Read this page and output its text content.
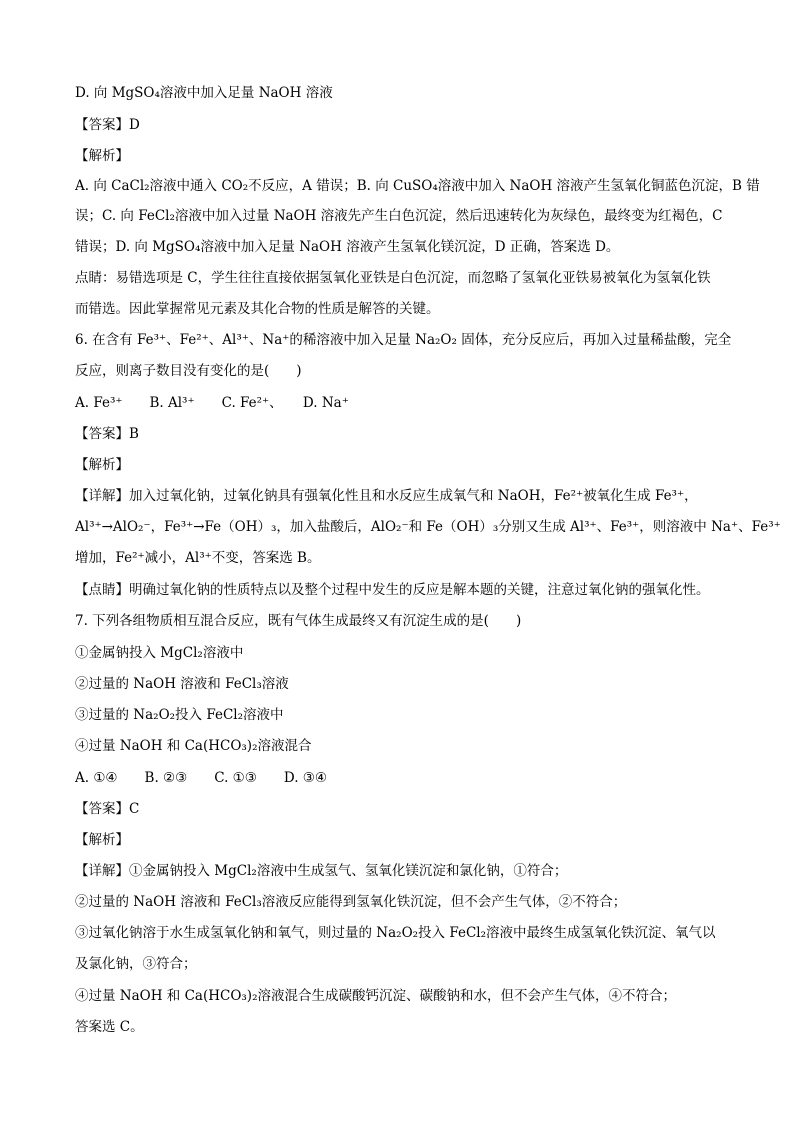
D. 向 MgSO₄溶液中加入足量 NaOH 溶液
【答案】D
【解析】
A. 向 CaCl₂溶液中通入 CO₂不反应，A 错误；B. 向 CuSO₄溶液中加入 NaOH 溶液产生氢氧化铜蓝色沉淀，B 错
误；C. 向 FeCl₂溶液中加入过量 NaOH 溶液先产生白色沉淀，然后迅速转化为灰绿色，最终变为红褐色，C
错误；D. 向 MgSO₄溶液中加入足量 NaOH 溶液产生氢氧化镁沉淀，D 正确，答案选 D。
点睛：易错选项是 C，学生往往直接依据氢氧化亚铁是白色沉淀，而忽略了氢氧化亚铁易被氧化为氢氧化铁
而错选。因此掌握常见元素及其化合物的性质是解答的关键。
6. 在含有 Fe³⁺、Fe²⁺、Al³⁺、Na⁺的稀溶液中加入足量 Na₂O₂ 固体，充分反应后，再加入过量稀盐酸，完全
反应，则离子数目没有变化的是(　　)
A. Fe³⁺　　B. Al³⁺　　C. Fe²⁺、　　D. Na⁺
【答案】B
【解析】
【详解】加入过氧化钠，过氧化钠具有强氧化性且和水反应生成氧气和 NaOH，Fe²⁺被氧化生成 Fe³⁺，
Al³⁺→AlO₂⁻，Fe³⁺→Fe（OH）₃，加入盐酸后，AlO₂⁻和 Fe（OH）₃分别又生成 Al³⁺、Fe³⁺，则溶液中 Na⁺、Fe³⁺
增加，Fe²⁺减小，Al³⁺不变，答案选 B。
【点睛】明确过氧化钠的性质特点以及整个过程中发生的反应是解本题的关键，注意过氧化钠的强氧化性。
7. 下列各组物质相互混合反应，既有气体生成最终又有沉淀生成的是(　　)
①金属钠投入 MgCl₂溶液中
②过量的 NaOH 溶液和 FeCl₃溶液
③过量的 Na₂O₂投入 FeCl₂溶液中
④过量 NaOH 和 Ca(HCO₃)₂溶液混合
A. ①④　　B. ②③　　C. ①③　　D. ③④
【答案】C
【解析】
【详解】①金属钠投入 MgCl₂溶液中生成氢气、氢氧化镁沉淀和氯化钠，①符合；
②过量的 NaOH 溶液和 FeCl₃溶液反应能得到氢氧化铁沉淀，但不会产生气体，②不符合；
③过氧化钠溶于水生成氢氧化钠和氧气，则过量的 Na₂O₂投入 FeCl₂溶液中最终生成氢氧化铁沉淀、氧气以
及氯化钠，③符合；
④过量 NaOH 和 Ca(HCO₃)₂溶液混合生成碳酸钙沉淀、碳酸钠和水，但不会产生气体，④不符合；
答案选 C。
